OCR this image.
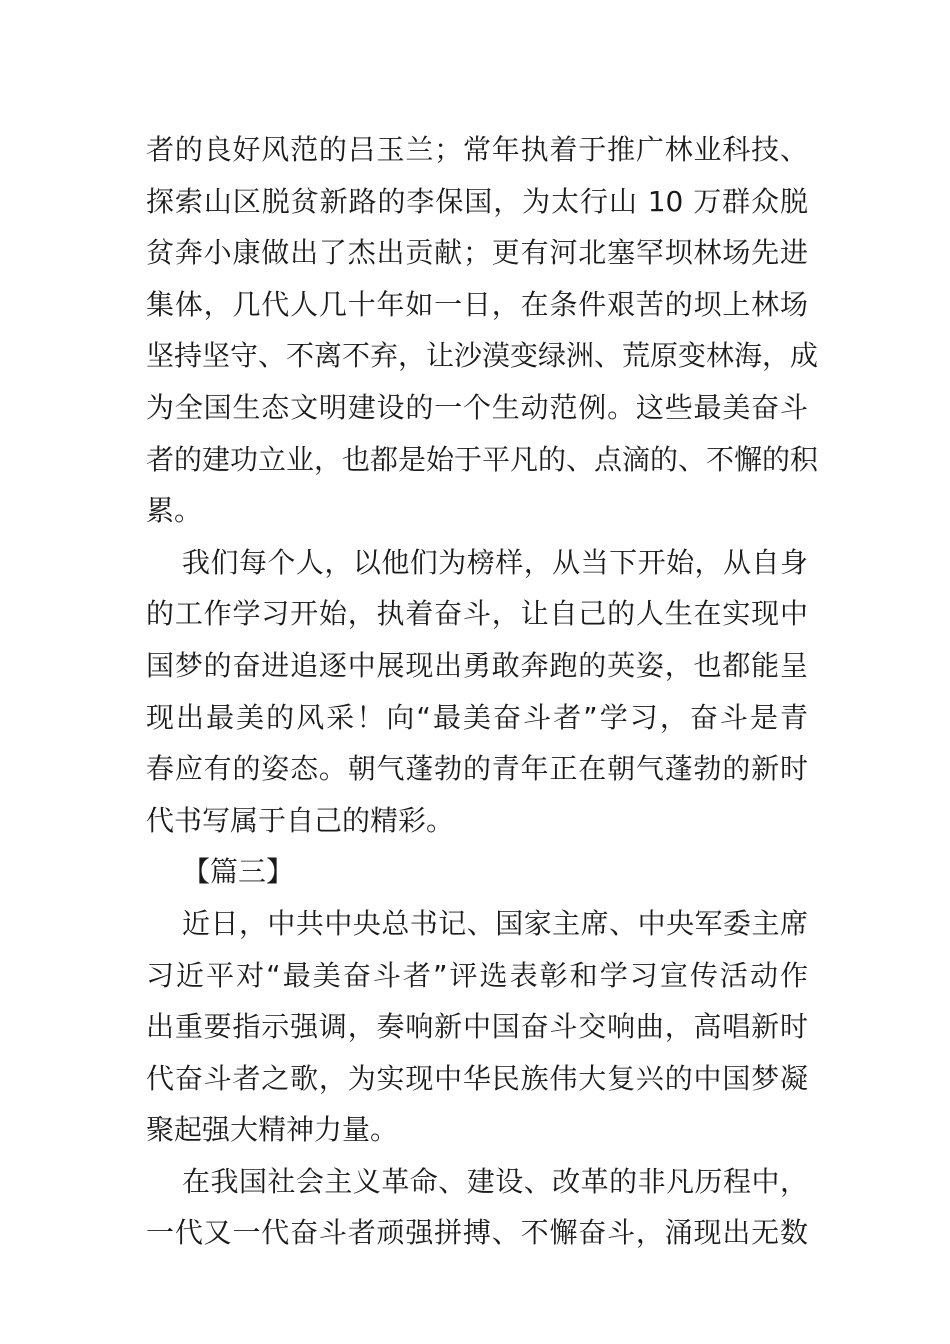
者的良好风范的吕玉兰；常年执着于推广林业科技、
探索山区脱贫新路的李保国，为太行山 10 万群众脱
贫奔小康做出了杰出贡献；更有河北塞罕坝林场先进
集体，几代人几十年如一日，在条件艰苦的坝上林场
坚持坚守、不离不弃，让沙漠变绿洲、荒原变林海，成
为全国生态文明建设的一个生动范例。这些最美奋斗
者的建功立业，也都是始于平凡的、点滴的、不懈的积
累。
我们每个人，以他们为榜样，从当下开始，从自身
的工作学习开始，执着奋斗，让自己的人生在实现中
国梦的奋进追逐中展现出勇敢奔跑的英姿，也都能呈
现出最美的风采！向“最美奋斗者”学习，奋斗是青
春应有的姿态。朝气蓬勃的青年正在朝气蓬勃的新时
代书写属于自己的精彩。
【篇三】
近日，中共中央总书记、国家主席、中央军委主席
习近平对“最美奋斗者”评选表彰和学习宣传活动作
出重要指示强调，奏响新中国奋斗交响曲，高唱新时
代奋斗者之歌，为实现中华民族伟大复兴的中国梦凝
聚起强大精神力量。
在我国社会主义革命、建设、改革的非凡历程中，
一代又一代奋斗者顽强拼搏、不懈奋斗，涌现出无数
